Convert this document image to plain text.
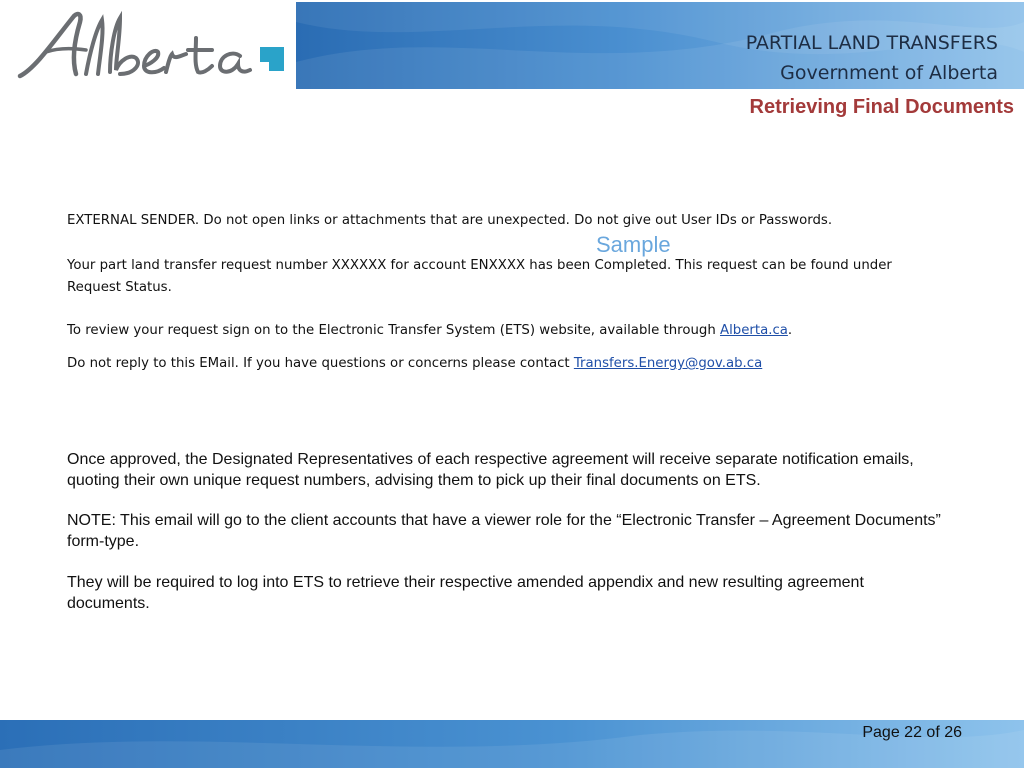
PARTIAL LAND TRANSFERS
Government of Alberta
Retrieving Final Documents
EXTERNAL SENDER. Do not open links or attachments that are unexpected. Do not give out User IDs or Passwords.
Your part land transfer request number XXXXXX for account ENXXXX has been Completed. This request can be found under
Request Status.
To review your request sign on to the Electronic Transfer System (ETS) website, available through Alberta.ca.
Do not reply to this EMail. If you have questions or concerns please contact Transfers.Energy@gov.ab.ca
Sample
Once approved, the Designated Representatives of each respective agreement will receive separate notification emails, quoting their own unique request numbers, advising them to pick up their final documents on ETS.
NOTE: This email will go to the client accounts that have a viewer role for the “Electronic Transfer – Agreement Documents” form-type.
They will be required to log into ETS to retrieve their respective amended appendix and new resulting agreement documents.
Page 22 of 26
